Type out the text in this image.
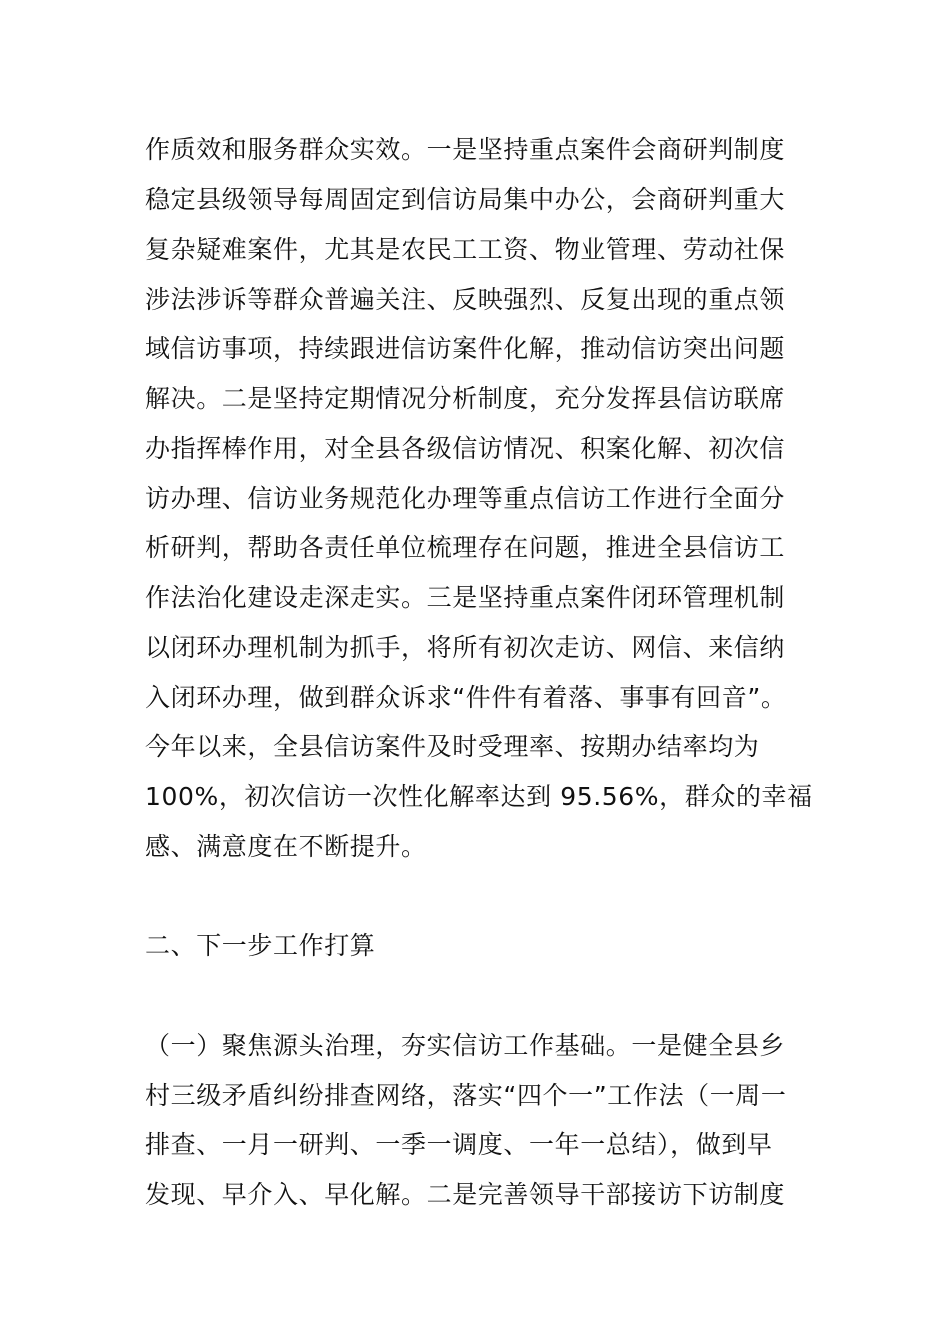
作质效和服务群众实效。一是坚持重点案件会商研判制度
稳定县级领导每周固定到信访局集中办公，会商研判重大
复杂疑难案件，尤其是农民工工资、物业管理、劳动社保
涉法涉诉等群众普遍关注、反映强烈、反复出现的重点领
域信访事项，持续跟进信访案件化解，推动信访突出问题
解决。二是坚持定期情况分析制度，充分发挥县信访联席
办指挥棒作用，对全县各级信访情况、积案化解、初次信
访办理、信访业务规范化办理等重点信访工作进行全面分
析研判，帮助各责任单位梳理存在问题，推进全县信访工
作法治化建设走深走实。三是坚持重点案件闭环管理机制
以闭环办理机制为抓手，将所有初次走访、网信、来信纳
入闭环办理，做到群众诉求“件件有着落、事事有回音”。
今年以来，全县信访案件及时受理率、按期办结率均为
100%，初次信访一次性化解率达到 95.56%，群众的幸福
感、满意度在不断提升。
二、下一步工作打算
（一）聚焦源头治理，夯实信访工作基础。一是健全县乡
村三级矛盾纠纷排查网络，落实“四个一”工作法（一周一
排查、一月一研判、一季一调度、一年一总结），做到早
发现、早介入、早化解。二是完善领导干部接访下访制度
